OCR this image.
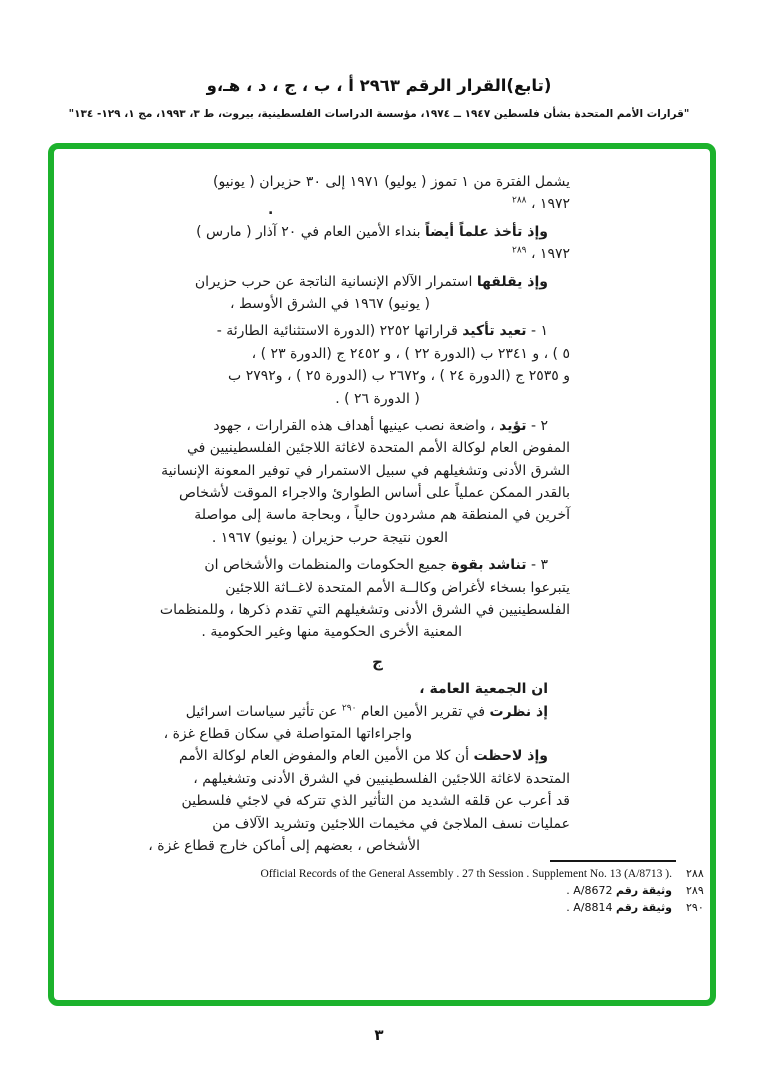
(تابع)القرار الرقم ٢٩٦٣ أ ، ب ، ج ، د ، هـ،و
"قرارات الأمم المتحدة بشأن فلسطين ١٩٤٧ ــ ١٩٧٤، مؤسسة الدراسات الفلسطينية، بيروت، ط ٣، ١٩٩٣، مج ١، ١٢٩- ١٣٤"
يشمل الفترة من ١ تموز ( يوليو) ١٩٧١ إلى ٣٠ حزيران ( يونيو)
١٩٧٢ ، $^{٢٨٨}$
وإذ تأخذ علماً أيضاً بنداء الأمين العام في ٢٠ آذار ( مارس )
١٩٧٢ ، $^{٢٨٩}$
وإذ يقلقها استمرار الآلام الإنسانية الناتجة عن حرب حزيران
( يونيو) ١٩٦٧ في الشرق الأوسط ،
١ - تعيد تأكيد قراراتها ٢٢٥٢ (الدورة الاستثنائية الطارئة -
٥ ) ، و ٢٣٤١ ب (الدورة ٢٢ ) ، و ٢٤٥٢ ج (الدورة ٢٣ ) ،
و ٢٥٣٥ ج (الدورة ٢٤ ) ، و٢٦٧٢ ب (الدورة ٢٥ ) ، و٢٧٩٢ ب
( الدورة ٢٦ ) .
٢ - تؤيد ، واضعة نصب عينيها أهداف هذه القرارات ، جهود
المفوض العام لوكالة الأمم المتحدة لاغاثة اللاجئين الفلسطينيين في
الشرق الأدنى وتشغيلهم في سبيل الاستمرار في توفير المعونة الإنسانية
بالقدر الممكن عملياً على أساس الطوارئ والاجراء الموقت لأشخاص
آخرين في المنطقة هم مشردون حالياً ، وبحاجة ماسة إلى مواصلة
العون نتيجة حرب حزيران ( يونيو) ١٩٦٧ .
٣ - تناشد بقوة جميع الحكومات والمنظمات والأشخاص ان
يتبرعوا بسخاء لأغراض وكالــة الأمم المتحدة لاغــاثة اللاجئين
الفلسطينيين في الشرق الأدنى وتشغيلهم التي تقدم ذكرها ، وللمنظمات
المعنية الأخرى الحكومية منها وغير الحكومية .
ج
ان الجمعية العامة ،
إذ نظرت في تقرير الأمين العام $^{٢٩٠}$ عن تأثير سياسات اسرائيل
واجراءاتها المتواصلة في سكان قطاع غزة ،
وإذ لاحظت أن كلا من الأمين العام والمفوض العام لوكالة الأمم
المتحدة لاغاثة اللاجئين الفلسطينيين في الشرق الأدنى وتشغيلهم ،
قد أعرب عن قلقه الشديد من التأثير الذي تتركه في لاجئي فلسطين
عمليات نسف الملاجئ في مخيمات اللاجئين وتشريد الآلاف من
الأشخاص ، بعضهم إلى أماكن خارج قطاع غزة ،
.
Official Records of the General Assembly . 27 th Session . Supplement No. 13 (A/8713 ). ٢٨٨
وثيقة رقم A/8672 .	٢٨٩
وثيقة رقم A/8814 .	٢٩٠
٣
